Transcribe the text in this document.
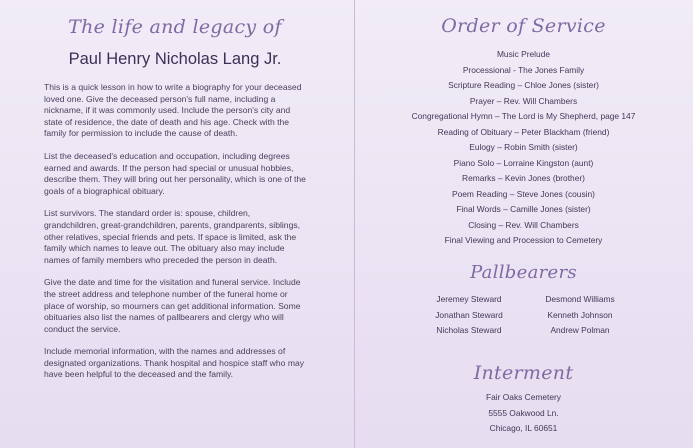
The life and legacy of
Paul Henry Nicholas Lang Jr.

This is a quick lesson in how to write a biography for your deceased loved one. Give the deceased person's full name, including a nickname, if it was commonly used. Include the person's city and state of residence, the date of death and his age. Check with the family for permission to include the cause of death.

List the deceased's education and occupation, including degrees earned and awards. If the person had special or unusual hobbies, describe them. They will bring out her personality, which is one of the goals of a biographical obituary.

List survivors. The standard order is: spouse, children, grandchildren, great-grandchildren, parents, grandparents, siblings, other relatives, special friends and pets. If space is limited, ask the family which names to leave out. The obituary also may include names of family members who preceded the person in death.

Give the date and time for the visitation and funeral service. Include the street address and telephone number of the funeral home or place of worship, so mourners can get additional information. Some obituaries also list the names of pallbearers and clergy who will conduct the service.

Include memorial information, with the names and addresses of designated organizations. Thank hospital and hospice staff who may have been helpful to the deceased and the family.

Order of Service
Music Prelude
Processional - The Jones Family
Scripture Reading – Chloe Jones (sister)
Prayer – Rev. Will Chambers
Congregational Hymn – The Lord is My Shepherd, page 147
Reading of Obituary – Peter Blackham (friend)
Eulogy – Robin Smith (sister)
Piano Solo – Lorraine Kingston (aunt)
Remarks – Kevin Jones (brother)
Poem Reading – Steve Jones (cousin)
Final Words – Camille Jones (sister)
Closing – Rev. Will Chambers
Final Viewing and Procession to Cemetery
Pallbearers
Jeremey Steward
Jonathan Steward
Nicholas Steward
Desmond Williams
Kenneth Johnson
Andrew Polman
Interment
Fair Oaks Cemetery
5555 Oakwood Ln.
Chicago, IL 60651
